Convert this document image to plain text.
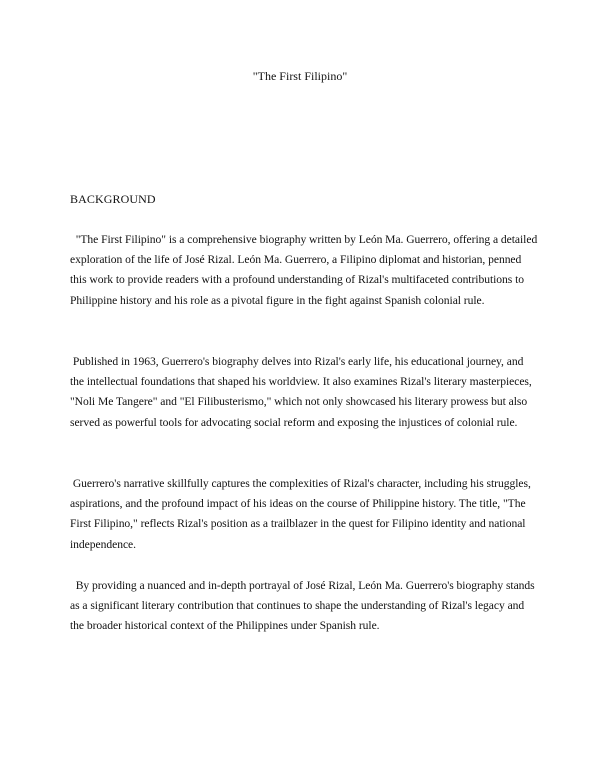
"The First Filipino"
BACKGROUND

"The First Filipino" is a comprehensive biography written by León Ma. Guerrero, offering a detailed exploration of the life of José Rizal. León Ma. Guerrero, a Filipino diplomat and historian, penned this work to provide readers with a profound understanding of Rizal's multifaceted contributions to Philippine history and his role as a pivotal figure in the fight against Spanish colonial rule.

Published in 1963, Guerrero's biography delves into Rizal's early life, his educational journey, and the intellectual foundations that shaped his worldview. It also examines Rizal's literary masterpieces, "Noli Me Tangere" and "El Filibusterismo," which not only showcased his literary prowess but also served as powerful tools for advocating social reform and exposing the injustices of colonial rule.

Guerrero's narrative skillfully captures the complexities of Rizal's character, including his struggles, aspirations, and the profound impact of his ideas on the course of Philippine history. The title, "The First Filipino," reflects Rizal's position as a trailblazer in the quest for Filipino identity and national independence.

By providing a nuanced and in-depth portrayal of José Rizal, León Ma. Guerrero's biography stands as a significant literary contribution that continues to shape the understanding of Rizal's legacy and the broader historical context of the Philippines under Spanish rule.
